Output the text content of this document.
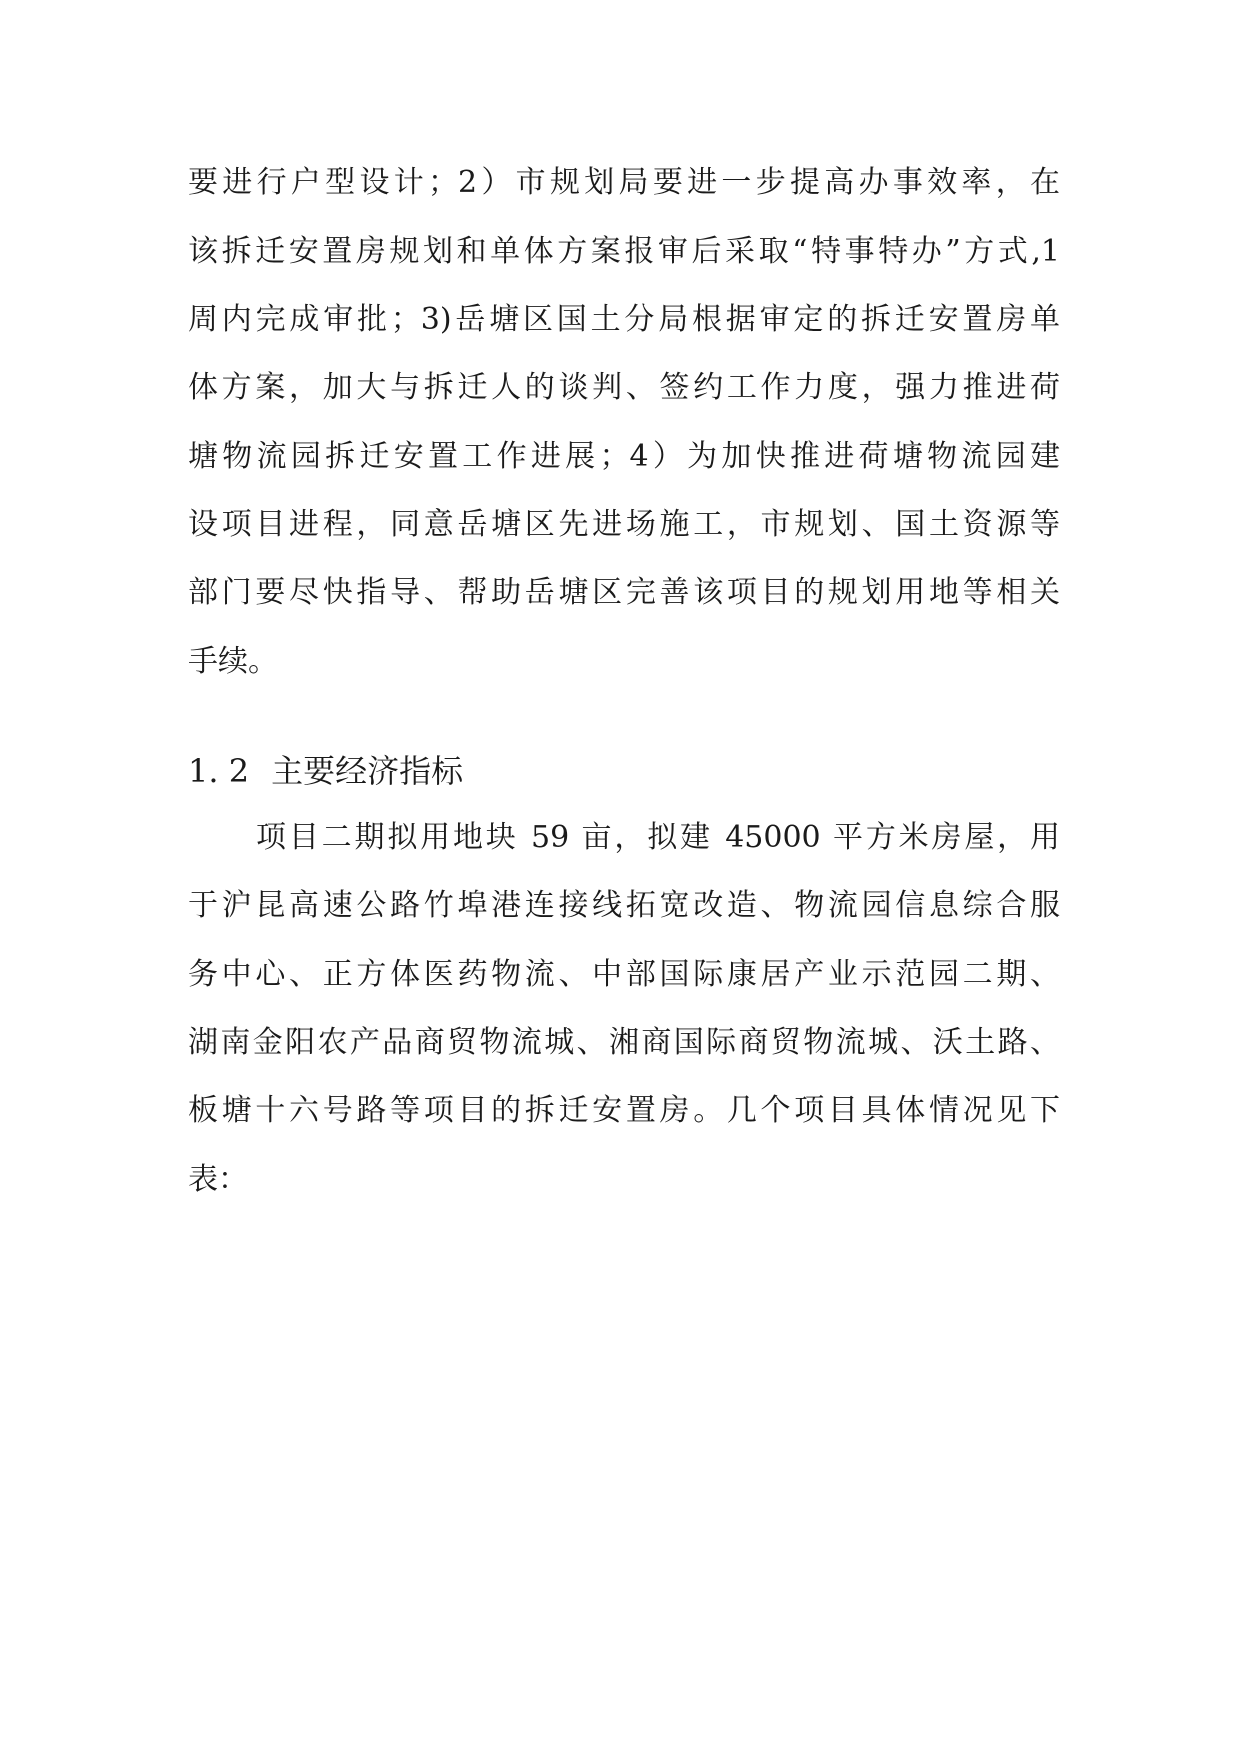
要进行户型设计；2）市规划局要进一步提高办事效率，在
该拆迁安置房规划和单体方案报审后采取“特事特办”方式,1
周内完成审批；3)岳塘区国土分局根据审定的拆迁安置房单
体方案，加大与拆迁人的谈判、签约工作力度，强力推进荷
塘物流园拆迁安置工作进展；4）为加快推进荷塘物流园建
设项目进程，同意岳塘区先进场施工，市规划、国土资源等
部门要尽快指导、帮助岳塘区完善该项目的规划用地等相关
手续。
1. 2 主要经济指标
项目二期拟用地块 59 亩，拟建 45000 平方米房屋，用
于沪昆高速公路竹埠港连接线拓宽改造、物流园信息综合服
务中心、正方体医药物流、中部国际康居产业示范园二期、
湖南金阳农产品商贸物流城、湘商国际商贸物流城、沃土路、
板塘十六号路等项目的拆迁安置房。几个项目具体情况见下
表：
